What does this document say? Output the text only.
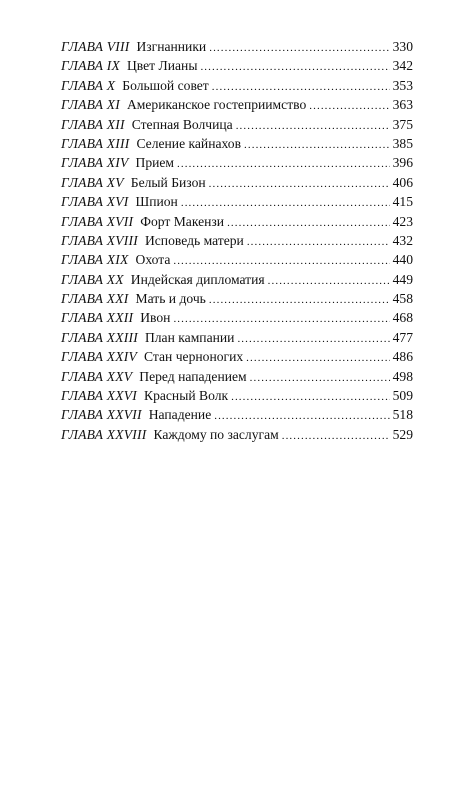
ГЛАВА VIII Изгнанники .....	330
ГЛАВА IX Цвет Лианы .....	342
ГЛАВА X Большой совет .....	353
ГЛАВА XI Американское гостеприимство .....	363
ГЛАВА XII Степная Волчица .....	375
ГЛАВА XIII Селение кайнахов .....	385
ГЛАВА XIV Прием .....	396
ГЛАВА XV Белый Бизон .....	406
ГЛАВА XVI Шпион .....	415
ГЛАВА XVII Форт Макензи .....	423
ГЛАВА XVIII Исповедь матери .....	432
ГЛАВА XIX Охота .....	440
ГЛАВА XX Индейская дипломатия .....	449
ГЛАВА XXI Мать и дочь .....	458
ГЛАВА XXII Ивон .....	468
ГЛАВА XXIII План кампании .....	477
ГЛАВА XXIV Стан черноногих .....	486
ГЛАВА XXV Перед нападением .....	498
ГЛАВА XXVI Красный Волк .....	509
ГЛАВА XXVII Нападение .....	518
ГЛАВА XXVIII Каждому по заслугам .....	529
